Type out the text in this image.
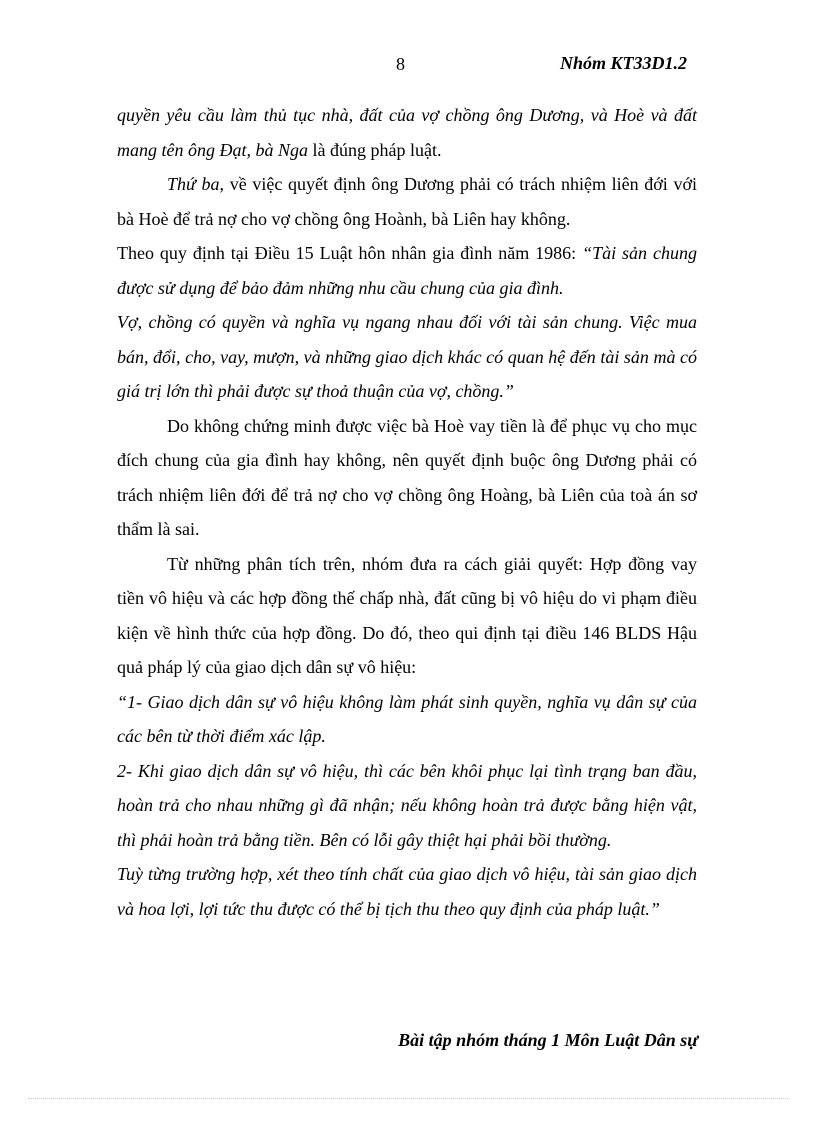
8	Nhóm KT33D1.2

quyền yêu cầu làm thủ tục nhà, đất của vợ chồng ông Dương, và Hoè và đất mang tên ông Đạt, bà Nga là đúng pháp luật.

Thứ ba, về việc quyết định ông Dương phải có trách nhiệm liên đới với bà Hoè để trả nợ cho vợ chồng ông Hoành, bà Liên hay không.

Theo quy định tại Điều 15 Luật hôn nhân gia đình năm 1986: “Tài sản chung được sử dụng để bảo đảm những nhu cầu chung của gia đình.

Vợ, chồng có quyền và nghĩa vụ ngang nhau đối với tài sản chung. Việc mua bán, đổi, cho, vay, mượn, và những giao dịch khác có quan hệ đến tài sản mà có giá trị lớn thì phải được sự thoả thuận của vợ, chồng.”

Do không chứng minh được việc bà Hoè vay tiền là để phục vụ cho mục đích chung của gia đình hay không, nên quyết định buộc ông Dương phải có trách nhiệm liên đới để trả nợ cho vợ chồng ông Hoàng, bà Liên của toà án sơ thẩm là sai.

Từ những phân tích trên, nhóm đưa ra cách giải quyết: Hợp đồng vay tiền vô hiệu và các hợp đồng thế chấp nhà, đất cũng bị vô hiệu do vi phạm điều kiện về hình thức của hợp đồng. Do đó, theo qui định tại điều 146 BLDS Hậu quả pháp lý của giao dịch dân sự vô hiệu:

“1- Giao dịch dân sự vô hiệu không làm phát sinh quyền, nghĩa vụ dân sự của các bên từ thời điểm xác lập.

2- Khi giao dịch dân sự vô hiệu, thì các bên khôi phục lại tình trạng ban đầu, hoàn trả cho nhau những gì đã nhận; nếu không hoàn trả được bằng hiện vật, thì phải hoàn trả bằng tiền. Bên có lỗi gây thiệt hại phải bồi thường.

Tuỳ từng trường hợp, xét theo tính chất của giao dịch vô hiệu, tài sản giao dịch và hoa lợi, lợi tức thu được có thể bị tịch thu theo quy định của pháp luật.”

Bài tập nhóm tháng 1 Môn Luật Dân sự
